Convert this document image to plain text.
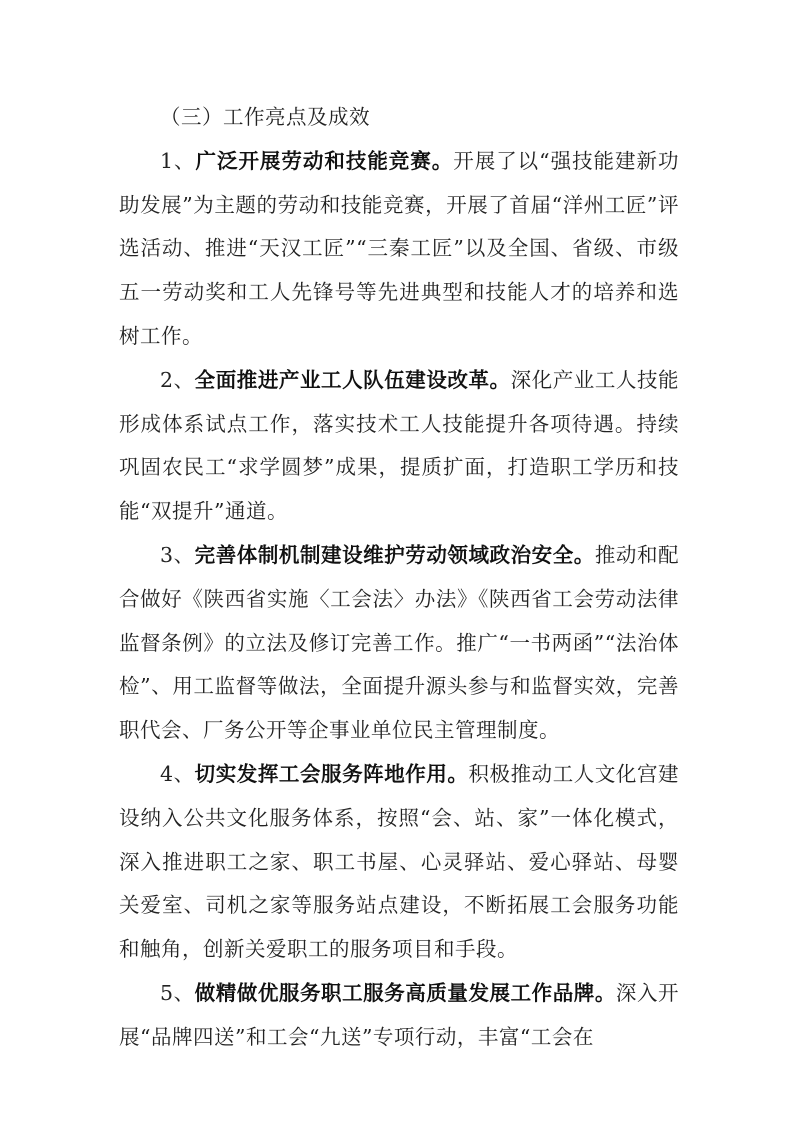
（三）工作亮点及成效

1、广泛开展劳动和技能竞赛。开展了以“强技能建新功助发展”为主题的劳动和技能竞赛，开展了首届“洋州工匠”评选活动、推进“天汉工匠”“三秦工匠”以及全国、省级、市级五一劳动奖和工人先锋号等先进典型和技能人才的培养和选树工作。

2、全面推进产业工人队伍建设改革。深化产业工人技能形成体系试点工作，落实技术工人技能提升各项待遇。持续巩固农民工“求学圆梦”成果，提质扩面，打造职工学历和技能“双提升”通道。

3、完善体制机制建设维护劳动领域政治安全。推动和配合做好《陕西省实施〈工会法〉办法》《陕西省工会劳动法律监督条例》的立法及修订完善工作。推广“一书两函”“法治体检”、用工监督等做法，全面提升源头参与和监督实效，完善职代会、厂务公开等企事业单位民主管理制度。

4、切实发挥工会服务阵地作用。积极推动工人文化宫建设纳入公共文化服务体系，按照“会、站、家”一体化模式，深入推进职工之家、职工书屋、心灵驿站、爱心驿站、母婴关爱室、司机之家等服务站点建设，不断拓展工会服务功能和触角，创新关爱职工的服务项目和手段。

5、做精做优服务职工服务高质量发展工作品牌。深入开展“品牌四送”和工会“九送”专项行动，丰富“工会在
